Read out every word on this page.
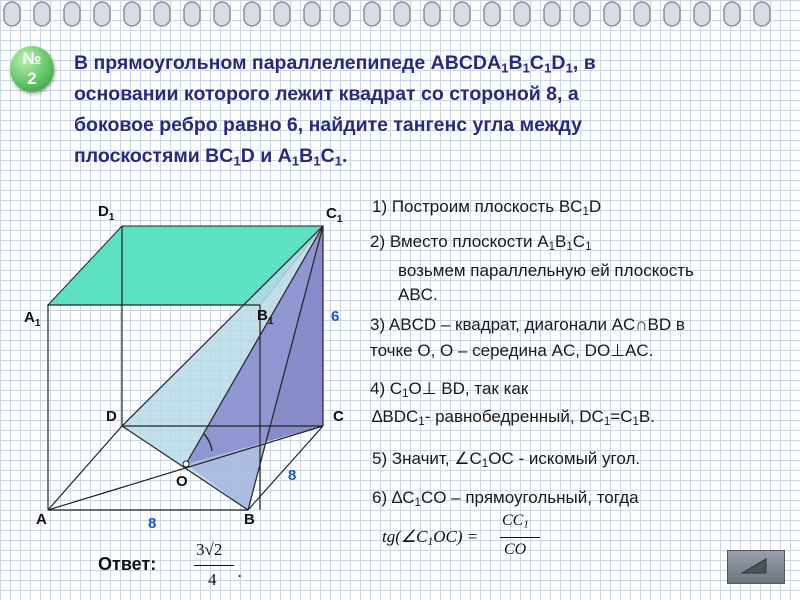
№
2
В прямоугольном параллелепипеде $ABCDA_1B_1C_1D_1$, в
основании которого лежит квадрат со стороной 8, а
боковое ребро равно 6, найдите тангенс угла между
плоскостями $BC_1D$ и $A_1B_1C_1$.
$D_1$	$C_1$
$A_1$	$B_1$
D	C
A	B
O
6
8
8
1) Построим плоскость $BC_1D$
2) Вместо плоскости $A_1B_1C_1$
возьмем параллельную ей плоскость
ABC.
3) ABCD – квадрат, диагонали AC∩BD в
точке О, О – середина AC, DO⊥AC.
4) $C_1O\perp$ BD, так как
$\Delta BDC_1-$ равнобедренный, $DC_1=C_1B$.
5) Значит, $\angle C_1OC$ - искомый угол.
6) $\Delta C_1CO$ – прямоугольный, тогда
$tg(\angle C_1OC)$ =
$CC_1$
CO
Ответ:
3√2
4 .
